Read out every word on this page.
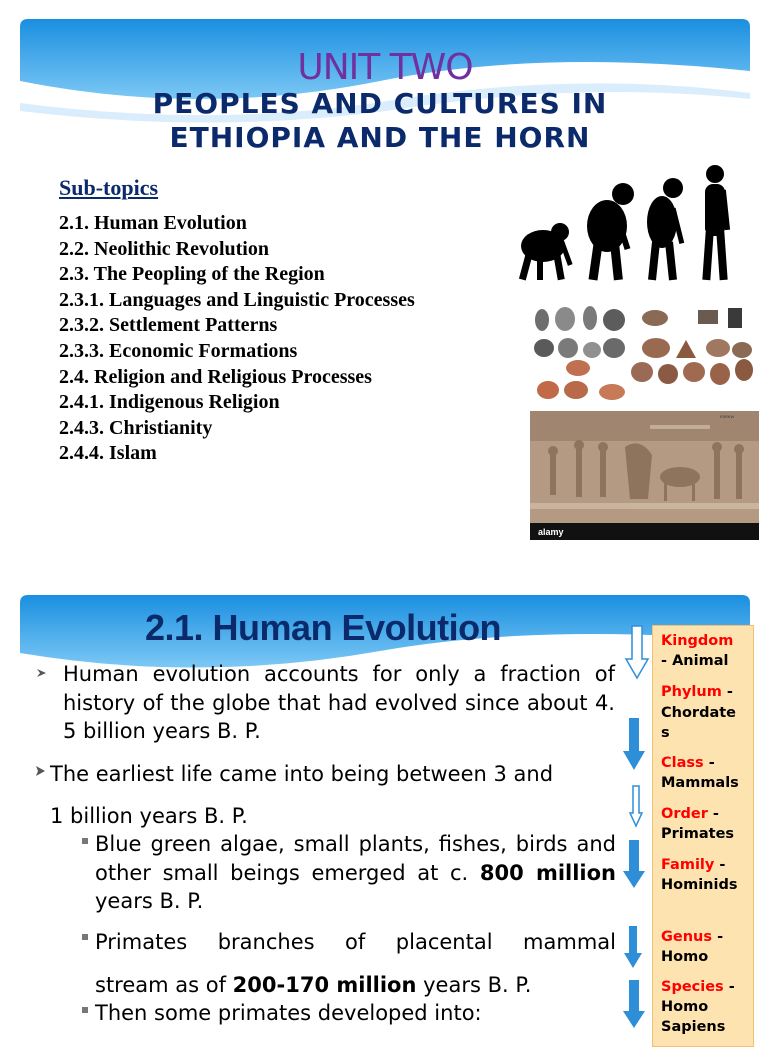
UNIT TWO
PEOPLES AND CULTURES IN
ETHIOPIA AND THE HORN
Sub-topics
2.1. Human Evolution
2.2. Neolithic Revolution
2.3. The Peopling of the Region
2.3.1. Languages and Linguistic Processes
2.3.2. Settlement Patterns
2.3.3. Economic Formations
2.4. Religion and Religious Processes
2.4.1. Indigenous Religion
2.4.3. Christianity
2.4.4. Islam
alamy
E5RKW
2.1. Human Evolution
Human evolution accounts for only a fraction of history of the globe that had evolved since about 4. 5 billion years B. P.
The earliest life came into being between 3 and
1 billion years B. P.
Blue green algae, small plants, fishes, birds and other small beings emerged at c. 800 million years B. P.
Primates branches of placental mammal
stream as of 200-170 million years B. P.
Then some primates developed into:
Kingdom
- Animal
Phylum -
Chordate
s
Class -
Mammals
Order -
Primates
Family -
Hominids
Genus -
Homo
Species -
Homo Sapiens
